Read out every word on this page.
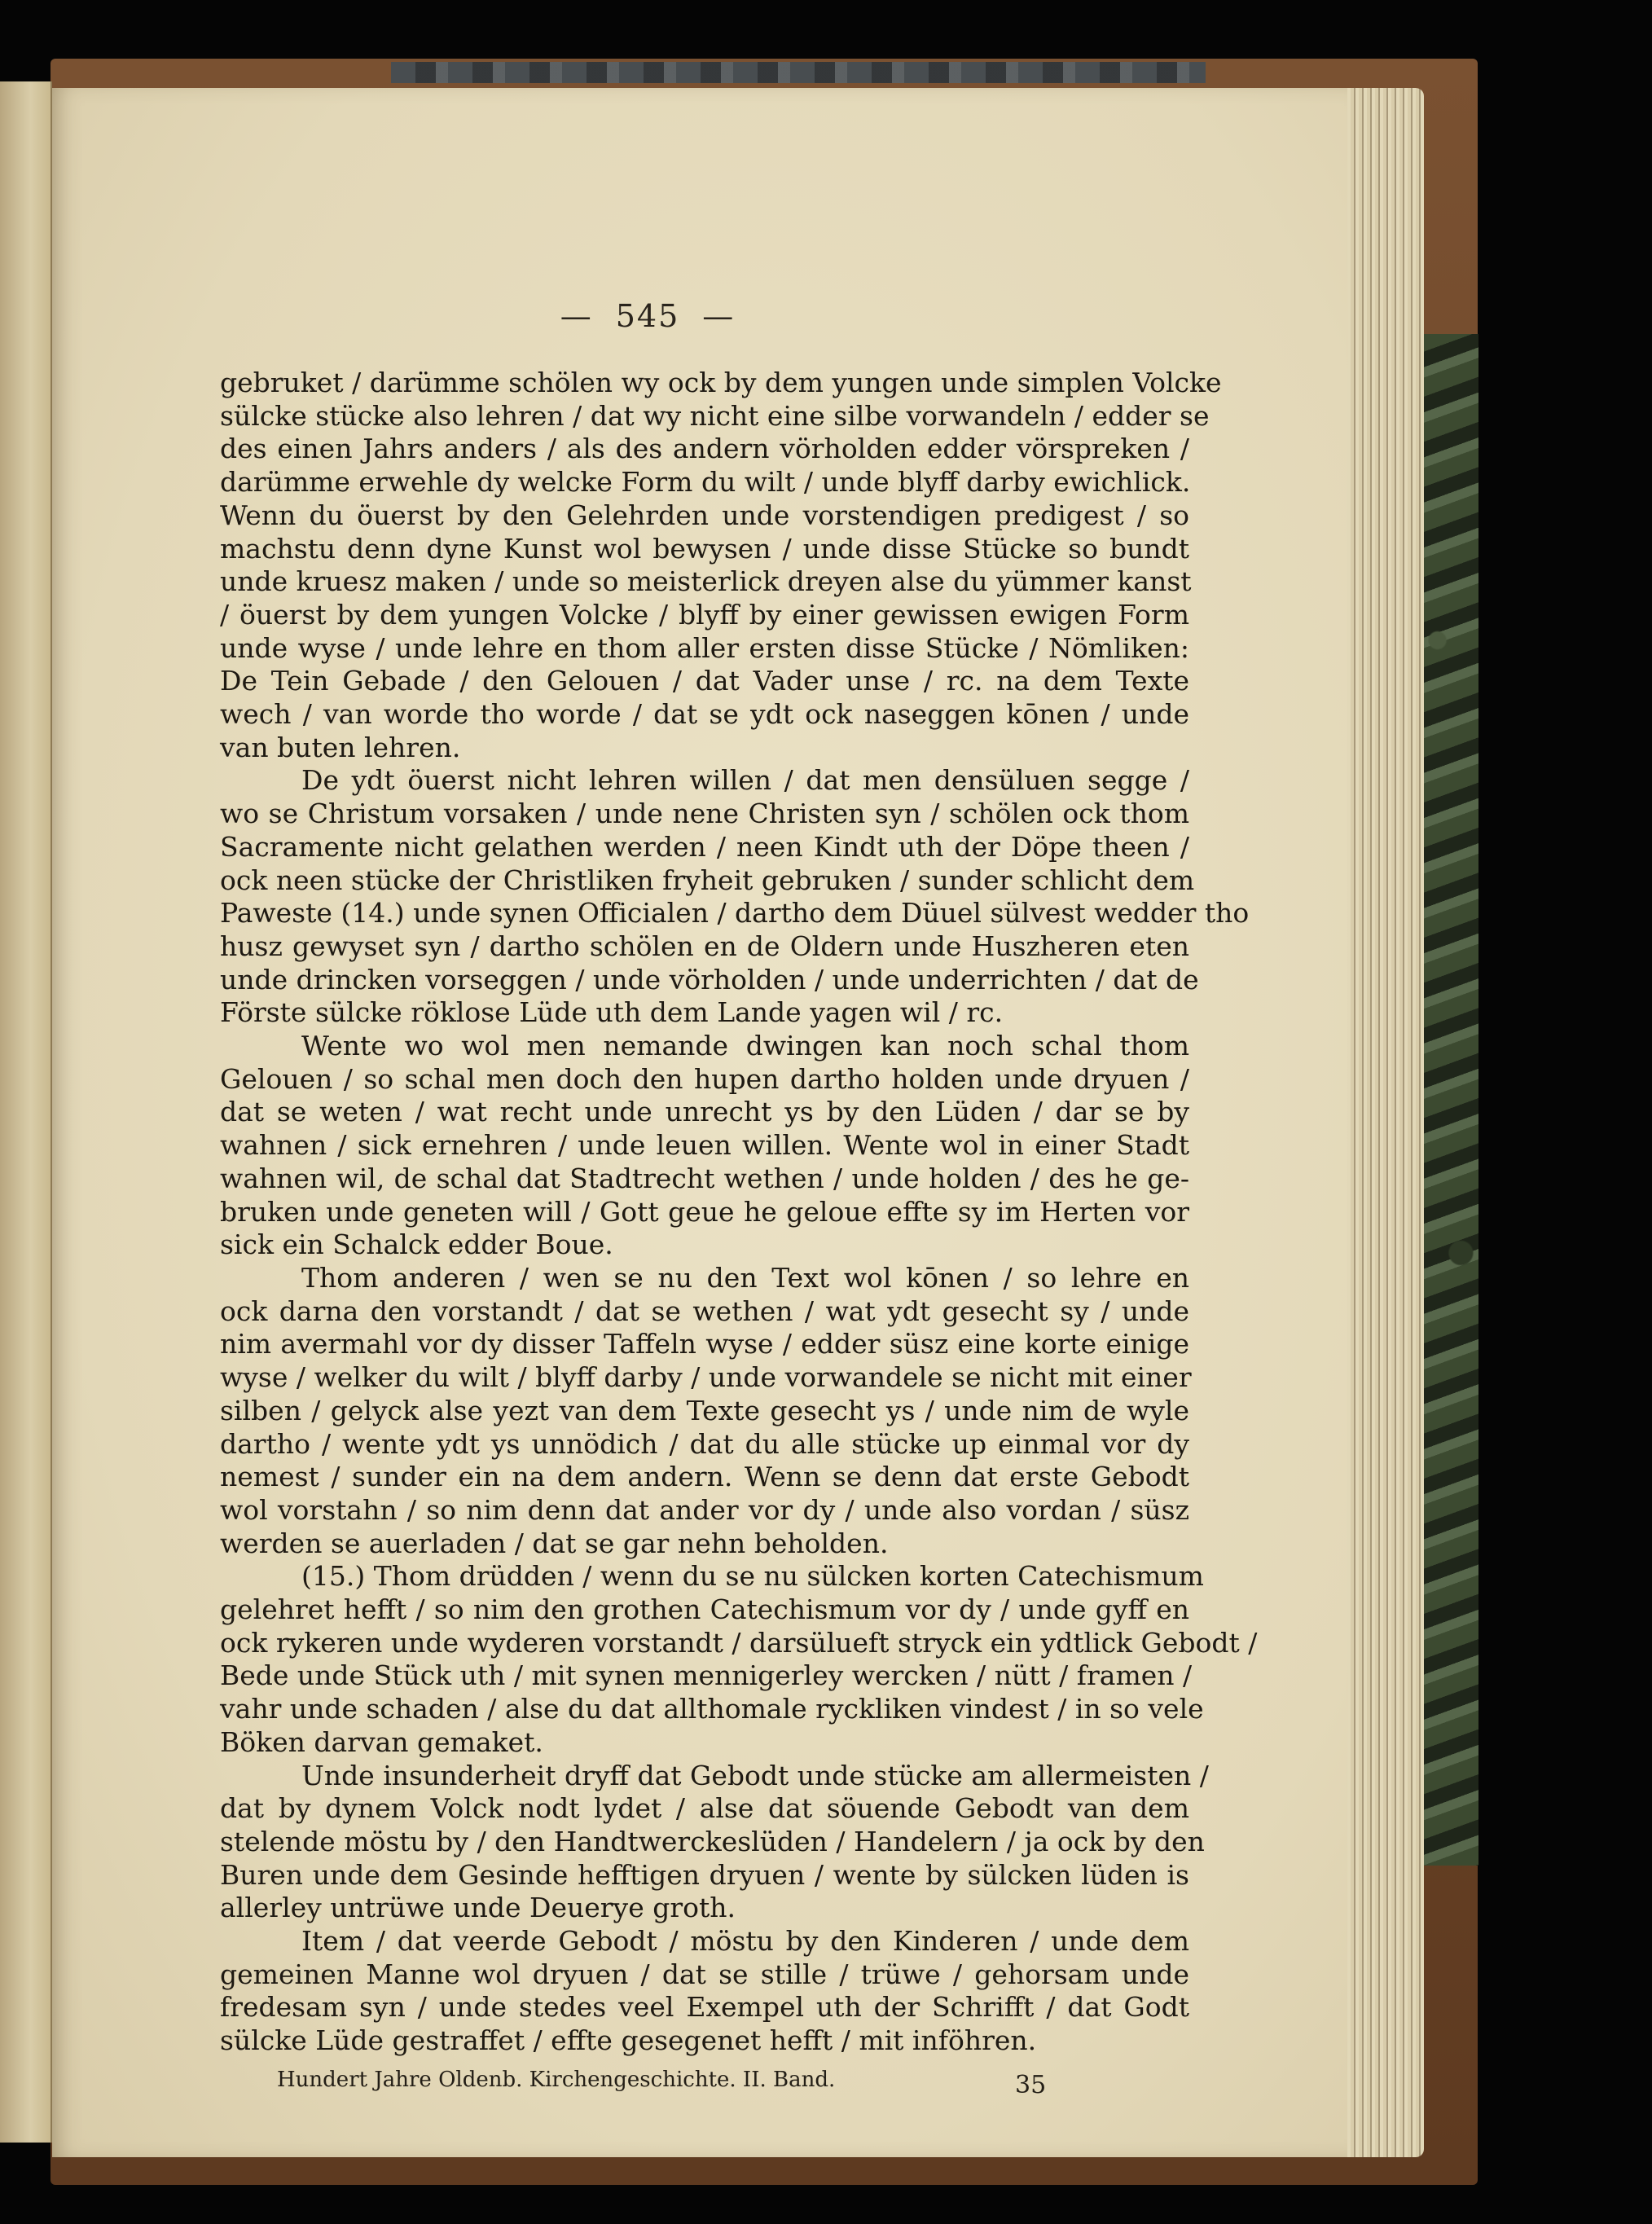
— 545 —

gebruket / darümme schölen wy ock by dem yungen unde simplen Volcke
sülcke stücke also lehren / dat wy nicht eine silbe vorwandeln / edder se
des einen Jahrs anders / als des andern vörholden edder vörspreken /
darümme erwehle dy welcke Form du wilt / unde blyff darby ewichlick.
Wenn du öuerst by den Gelehrden unde vorstendigen predigest / so
machstu denn dyne Kunst wol bewysen / unde disse Stücke so bundt
unde kruesz maken / unde so meisterlick dreyen alse du yümmer kanst
/ öuerst by dem yungen Volcke / blyff by einer gewissen ewigen Form
unde wyse / unde lehre en thom aller ersten disse Stücke / Nömliken:
De Tein Gebade / den Gelouen / dat Vader unse / rc. na dem Texte
wech / van worde tho worde / dat se ydt ock naseggen kōnen / unde
van buten lehren.

De ydt öuerst nicht lehren willen / dat men densüluen segge /
wo se Christum vorsaken / unde nene Christen syn / schölen ock thom
Sacramente nicht gelathen werden / neen Kindt uth der Döpe theen /
ock neen stücke der Christliken fryheit gebruken / sunder schlicht dem
Paweste (14.) unde synen Officialen / dartho dem Düuel sülvest wedder tho
husz gewyset syn / dartho schölen en de Oldern unde Huszheren eten
unde drincken vorseggen / unde vörholden / unde underrichten / dat de
Förste sülcke röklose Lüde uth dem Lande yagen wil / rc.

Wente wo wol men nemande dwingen kan noch schal thom
Gelouen / so schal men doch den hupen dartho holden unde dryuen /
dat se weten / wat recht unde unrecht ys by den Lüden / dar se by
wahnen / sick ernehren / unde leuen willen. Wente wol in einer Stadt
wahnen wil, de schal dat Stadtrecht wethen / unde holden / des he ge-
bruken unde geneten will / Gott geue he geloue effte sy im Herten vor
sick ein Schalck edder Boue.

Thom anderen / wen se nu den Text wol kōnen / so lehre en
ock darna den vorstandt / dat se wethen / wat ydt gesecht sy / unde
nim avermahl vor dy disser Taffeln wyse / edder süsz eine korte einige
wyse / welker du wilt / blyff darby / unde vorwandele se nicht mit einer
silben / gelyck alse yezt van dem Texte gesecht ys / unde nim de wyle
dartho / wente ydt ys unnödich / dat du alle stücke up einmal vor dy
nemest / sunder ein na dem andern. Wenn se denn dat erste Gebodt
wol vorstahn / so nim denn dat ander vor dy / unde also vordan / süsz
werden se auerladen / dat se gar nehn beholden.

(15.) Thom drüdden / wenn du se nu sülcken korten Catechismum
gelehret hefft / so nim den grothen Catechismum vor dy / unde gyff en
ock rykeren unde wyderen vorstandt / darsülueft stryck ein ydtlick Gebodt /
Bede unde Stück uth / mit synen mennigerley wercken / nütt / framen /
vahr unde schaden / alse du dat allthomale rycklikеn vindest / in so vele
Böken darvan gemaket.

Unde insunderheit dryff dat Gebodt unde stücke am allermeisten /
dat by dynem Volck nodt lydet / alse dat söuende Gebodt van dem
stelende möstu by / den Handtwerckeslüden / Handelern / ja ock by den
Buren unde dem Gesinde hefftigen dryuen / wente by sülcken lüden is
allerley untrüwe unde Deuerye groth.

Item / dat veerde Gebodt / möstu by den Kinderen / unde dem
gemeinen Manne wol dryuen / dat se stille / trüwe / gehorsam unde
fredesam syn / unde stedes veel Exempel uth der Schrifft / dat Godt
sülcke Lüde gestraffet / effte gesegenet hefft / mit inföhren.

Hundert Jahre Oldenb. Kirchengeschichte. II. Band.	35
